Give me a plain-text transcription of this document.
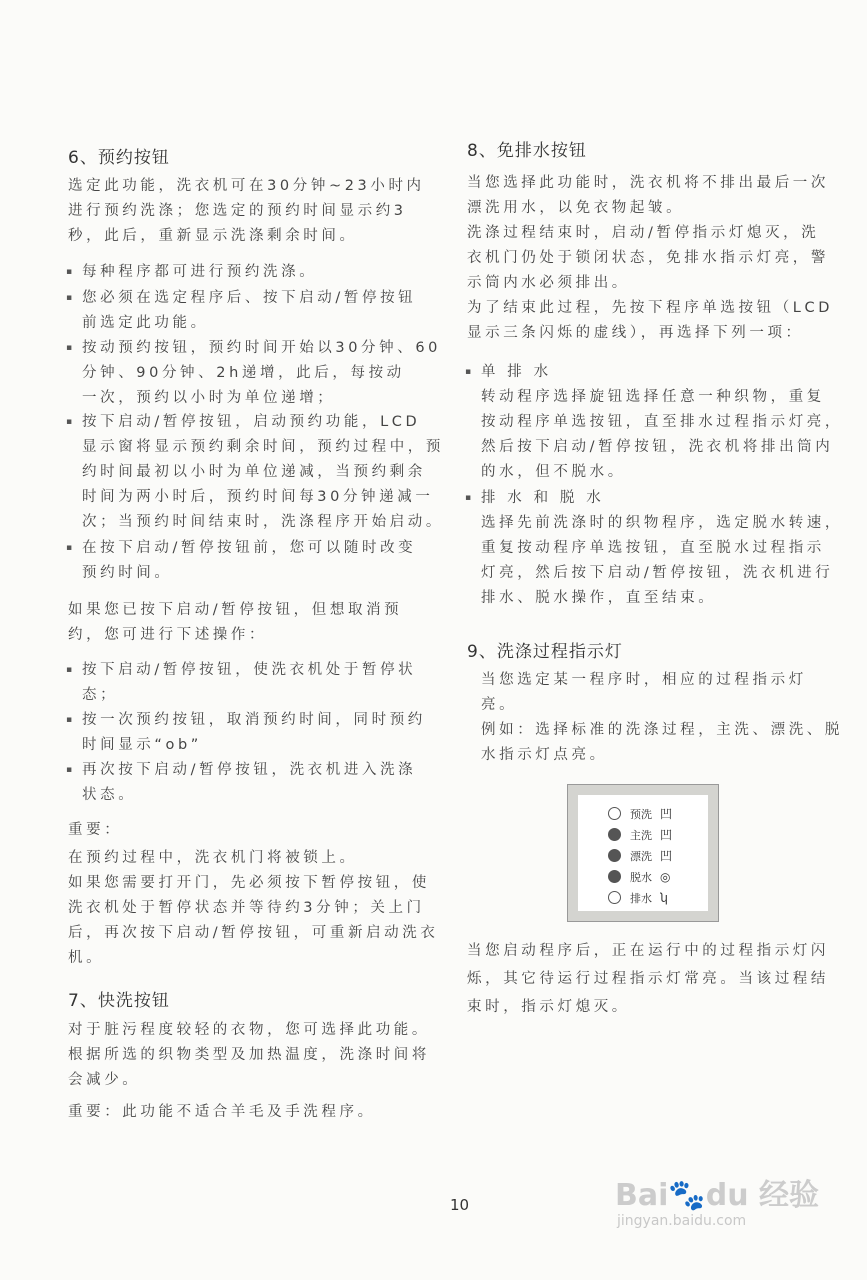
6、预约按钮
选定此功能，洗衣机可在30分钟~23小时内
进行预约洗涤；您选定的预约时间显示约3
秒，此后，重新显示洗涤剩余时间。
▪ 每种程序都可进行预约洗涤。
▪ 您必须在选定程序后、按下启动/暂停按钮
前选定此功能。
▪ 按动预约按钮，预约时间开始以30分钟、60
分钟、90分钟、2h递增，此后，每按动
一次，预约以小时为单位递增；
▪ 按下启动/暂停按钮，启动预约功能，LCD
显示窗将显示预约剩余时间，预约过程中，预
约时间最初以小时为单位递减，当预约剩余
时间为两小时后，预约时间每30分钟递减一
次；当预约时间结束时，洗涤程序开始启动。
▪ 在按下启动/暂停按钮前，您可以随时改变
预约时间。
如果您已按下启动/暂停按钮，但想取消预
约，您可进行下述操作：
▪ 按下启动/暂停按钮，使洗衣机处于暂停状
态；
▪ 按一次预约按钮，取消预约时间，同时预约
时间显示“ob”
▪ 再次按下启动/暂停按钮，洗衣机进入洗涤
状态。
重要：
在预约过程中，洗衣机门将被锁上。
如果您需要打开门，先必须按下暂停按钮，使
洗衣机处于暂停状态并等待约3分钟；关上门
后，再次按下启动/暂停按钮，可重新启动洗衣
机。
7、快洗按钮
对于脏污程度较轻的衣物，您可选择此功能。
根据所选的织物类型及加热温度，洗涤时间将
会减少。
重要：此功能不适合羊毛及手洗程序。
8、免排水按钮
当您选择此功能时，洗衣机将不排出最后一次
漂洗用水，以免衣物起皱。
洗涤过程结束时，启动/暂停指示灯熄灭，洗
衣机门仍处于锁闭状态，免排水指示灯亮，警
示筒内水必须排出。
为了结束此过程，先按下程序单选按钮（LCD
显示三条闪烁的虚线），再选择下列一项：
▪ 单 排 水
转动程序选择旋钮选择任意一种织物，重复
按动程序单选按钮，直至排水过程指示灯亮，
然后按下启动/暂停按钮，洗衣机将排出筒内
的水，但不脱水。
▪ 排 水 和 脱 水
选择先前洗涤时的织物程序，选定脱水转速，
重复按动程序单选按钮，直至脱水过程指示
灯亮，然后按下启动/暂停按钮，洗衣机进行
排水、脱水操作，直至结束。
9、洗涤过程指示灯
当您选定某一程序时，相应的过程指示灯
亮。
例如：选择标准的洗涤过程，主洗、漂洗、脱
水指示灯点亮。
当您启动程序后，正在运行中的过程指示灯闪
烁，其它待运行过程指示灯常亮。当该过程结
束时，指示灯熄灭。
预洗 凹
主洗 凹
漂洗 凹
脱水 ◎
排水 ʮ
10	Bai🐾du 经验
jingyan.baidu.com
